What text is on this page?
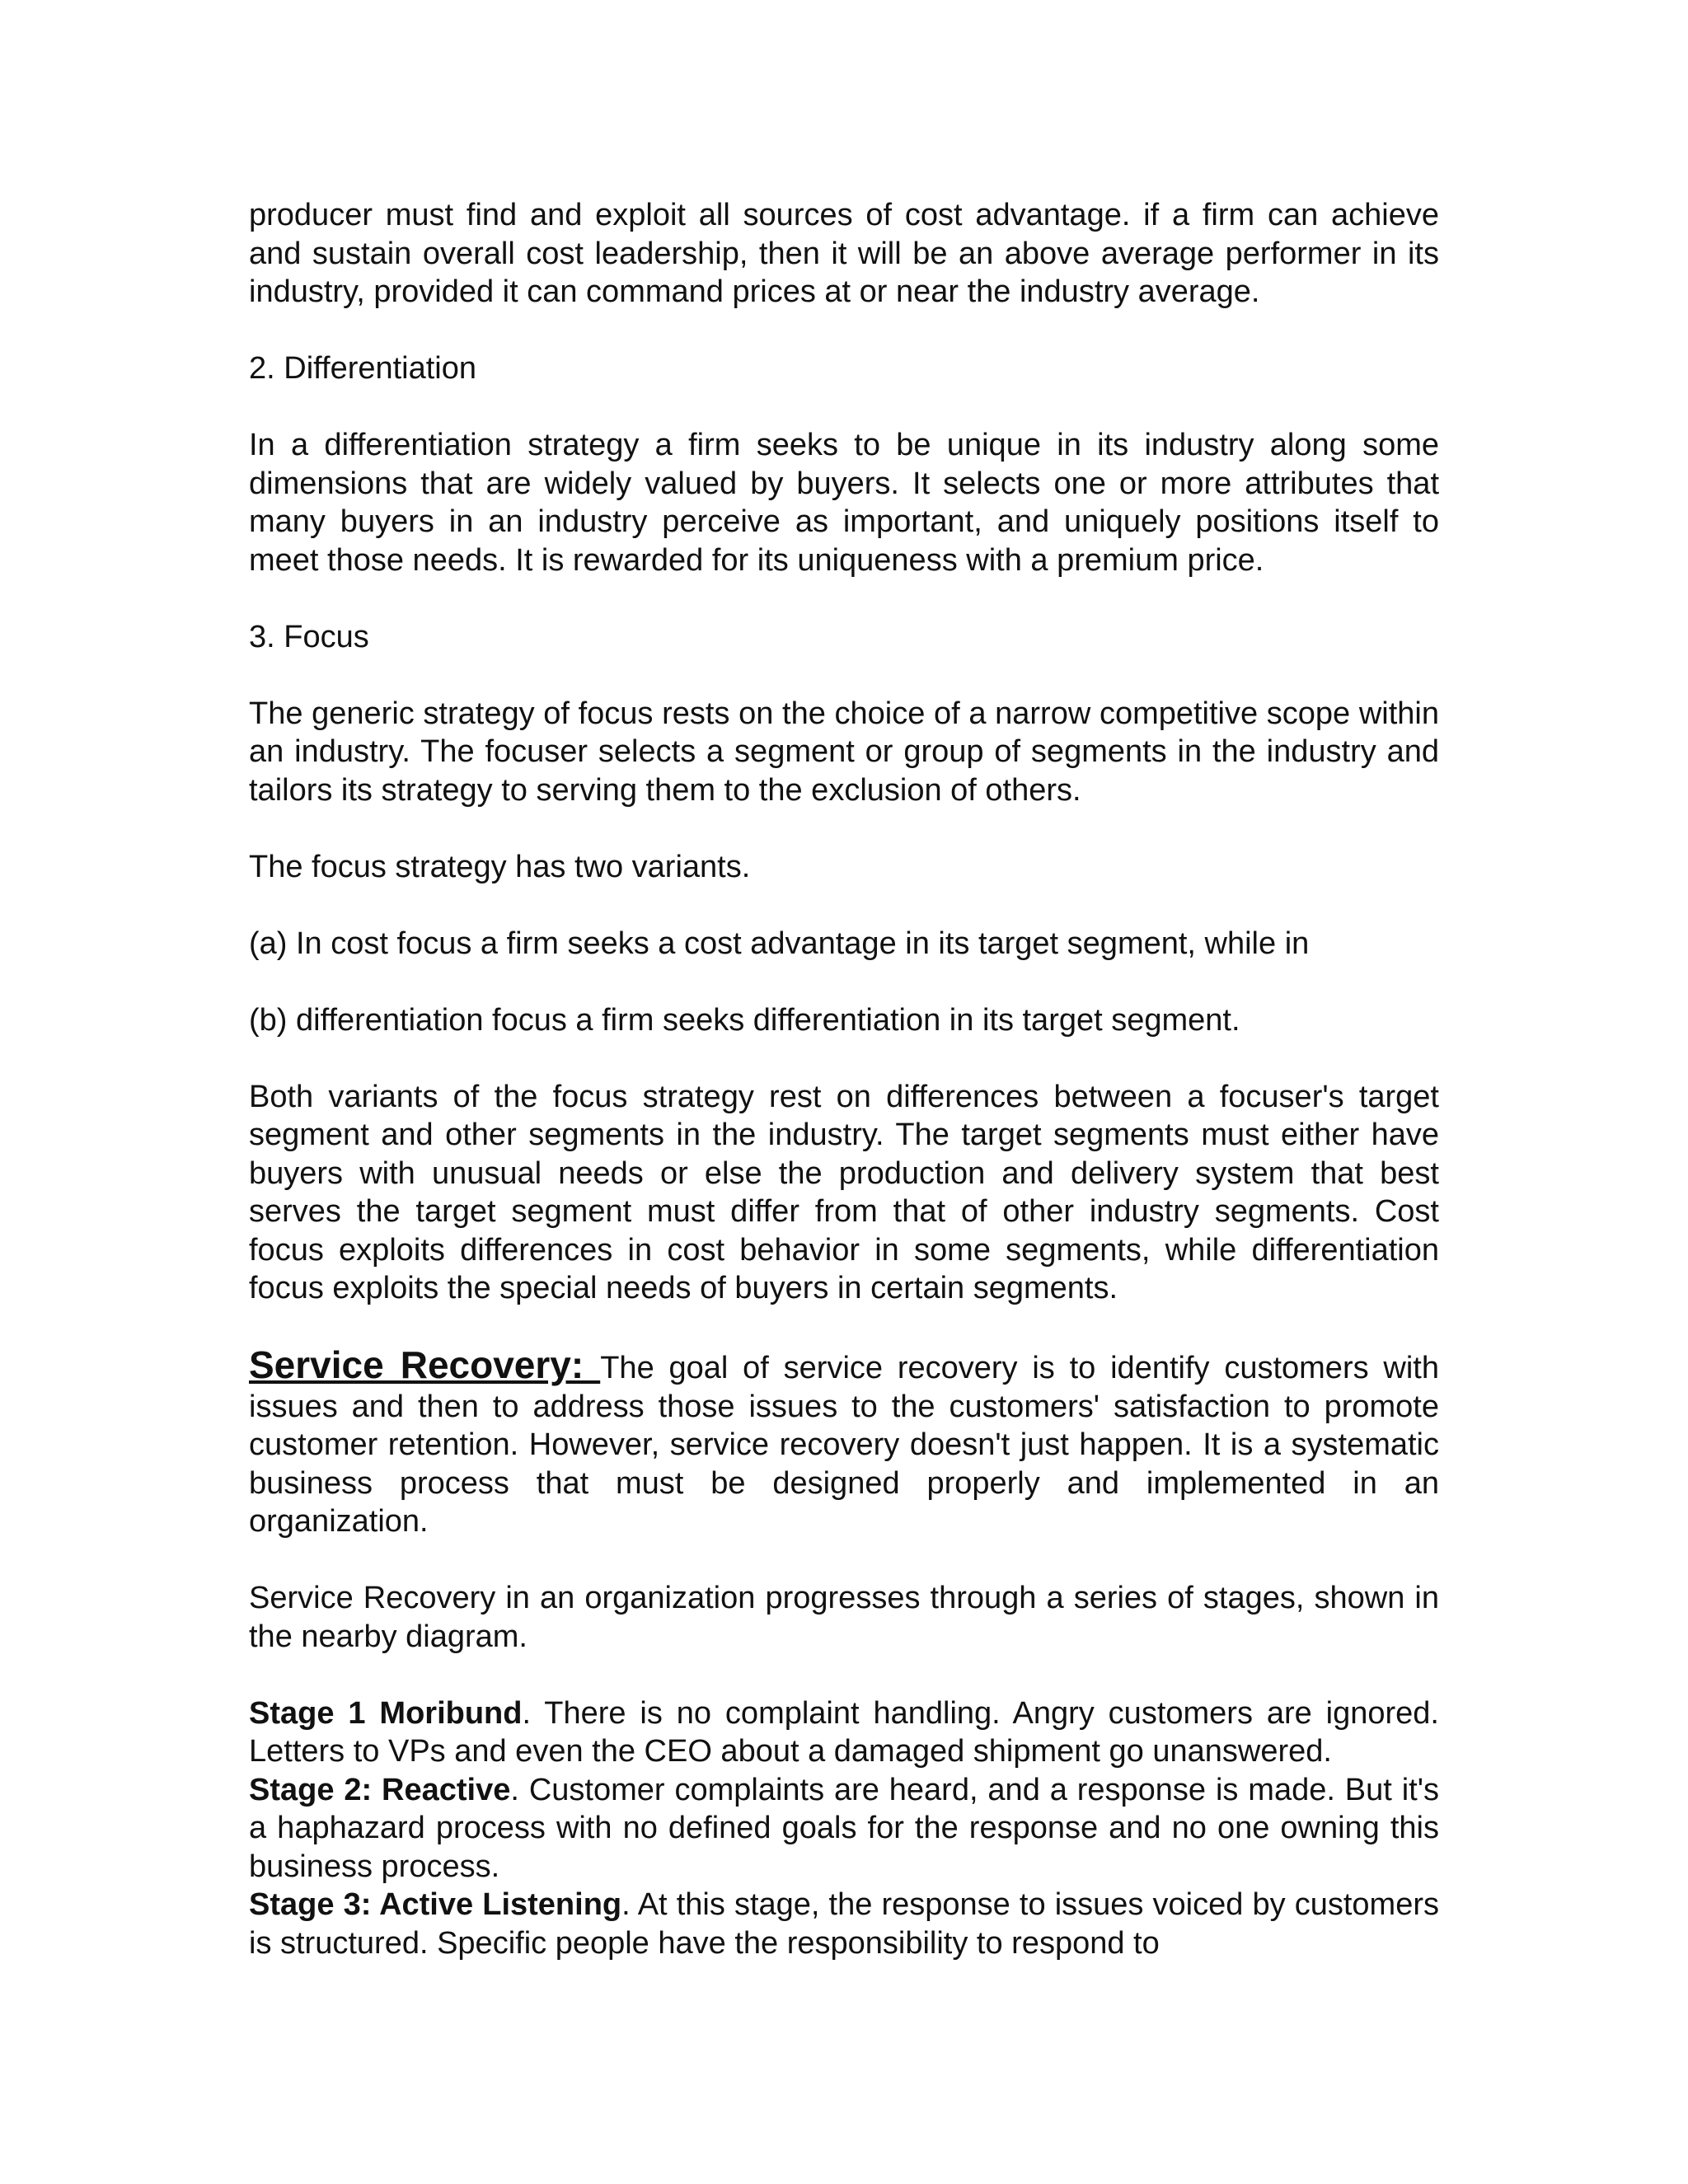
producer must find and exploit all sources of cost advantage. if a firm can achieve and sustain overall cost leadership, then it will be an above average performer in its industry, provided it can command prices at or near the industry average.

2. Differentiation

In a differentiation strategy a firm seeks to be unique in its industry along some dimensions that are widely valued by buyers. It selects one or more attributes that many buyers in an industry perceive as important, and uniquely positions itself to meet those needs. It is rewarded for its uniqueness with a premium price.

3. Focus

The generic strategy of focus rests on the choice of a narrow competitive scope within an industry. The focuser selects a segment or group of segments in the industry and tailors its strategy to serving them to the exclusion of others.

The focus strategy has two variants.

(a) In cost focus a firm seeks a cost advantage in its target segment, while in

(b) differentiation focus a firm seeks differentiation in its target segment.

Both variants of the focus strategy rest on differences between a focuser's target segment and other segments in the industry. The target segments must either have buyers with unusual needs or else the production and delivery system that best serves the target segment must differ from that of other industry segments. Cost focus exploits differences in cost behavior in some segments, while differentiation focus exploits the special needs of buyers in certain segments.

Service Recovery: The goal of service recovery is to identify customers with issues and then to address those issues to the customers' satisfaction to promote customer retention. However, service recovery doesn't just happen. It is a systematic business process that must be designed properly and implemented in an organization.

Service Recovery in an organization progresses through a series of stages, shown in the nearby diagram.

Stage 1 Moribund. There is no complaint handling. Angry customers are ignored. Letters to VPs and even the CEO about a damaged shipment go unanswered.

Stage 2: Reactive. Customer complaints are heard, and a response is made. But it's a haphazard process with no defined goals for the response and no one owning this business process.

Stage 3: Active Listening. At this stage, the response to issues voiced by customers is structured. Specific people have the responsibility to respond to
